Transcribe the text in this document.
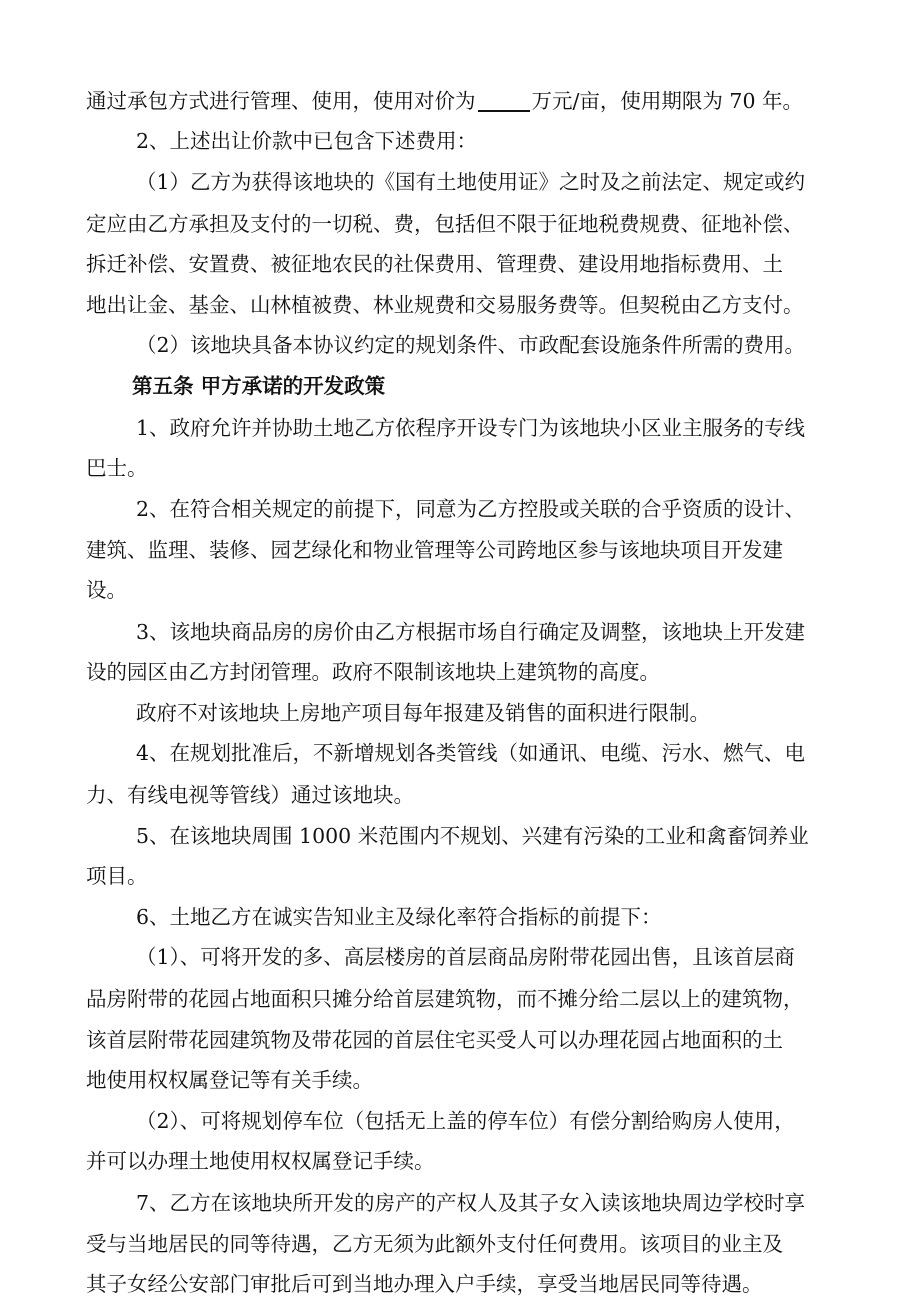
通过承包方式进行管理、使用，使用对价为	万元/亩，使用期限为 70 年。
2、上述出让价款中已包含下述费用：
（1）乙方为获得该地块的《国有土地使用证》之时及之前法定、规定或约
定应由乙方承担及支付的一切税、费，包括但不限于征地税费规费、征地补偿、
拆迁补偿、安置费、被征地农民的社保费用、管理费、建设用地指标费用、土
地出让金、基金、山林植被费、林业规费和交易服务费等。但契税由乙方支付。
（2）该地块具备本协议约定的规划条件、市政配套设施条件所需的费用。
第五条 甲方承诺的开发政策
1、政府允许并协助土地乙方依程序开设专门为该地块小区业主服务的专线
巴士。
2、在符合相关规定的前提下，同意为乙方控股或关联的合乎资质的设计、
建筑、监理、装修、园艺绿化和物业管理等公司跨地区参与该地块项目开发建
设。
3、该地块商品房的房价由乙方根据市场自行确定及调整，该地块上开发建
设的园区由乙方封闭管理。政府不限制该地块上建筑物的高度。
政府不对该地块上房地产项目每年报建及销售的面积进行限制。
4、在规划批准后，不新增规划各类管线（如通讯、电缆、污水、燃气、电
力、有线电视等管线）通过该地块。
5、在该地块周围 1000 米范围内不规划、兴建有污染的工业和禽畜饲养业
项目。
6、土地乙方在诚实告知业主及绿化率符合指标的前提下：
（1）、可将开发的多、高层楼房的首层商品房附带花园出售，且该首层商
品房附带的花园占地面积只摊分给首层建筑物，而不摊分给二层以上的建筑物，
该首层附带花园建筑物及带花园的首层住宅买受人可以办理花园占地面积的土
地使用权权属登记等有关手续。
（2）、可将规划停车位（包括无上盖的停车位）有偿分割给购房人使用，
并可以办理土地使用权权属登记手续。
7、乙方在该地块所开发的房产的产权人及其子女入读该地块周边学校时享
受与当地居民的同等待遇，乙方无须为此额外支付任何费用。该项目的业主及
其子女经公安部门审批后可到当地办理入户手续，享受当地居民同等待遇。
